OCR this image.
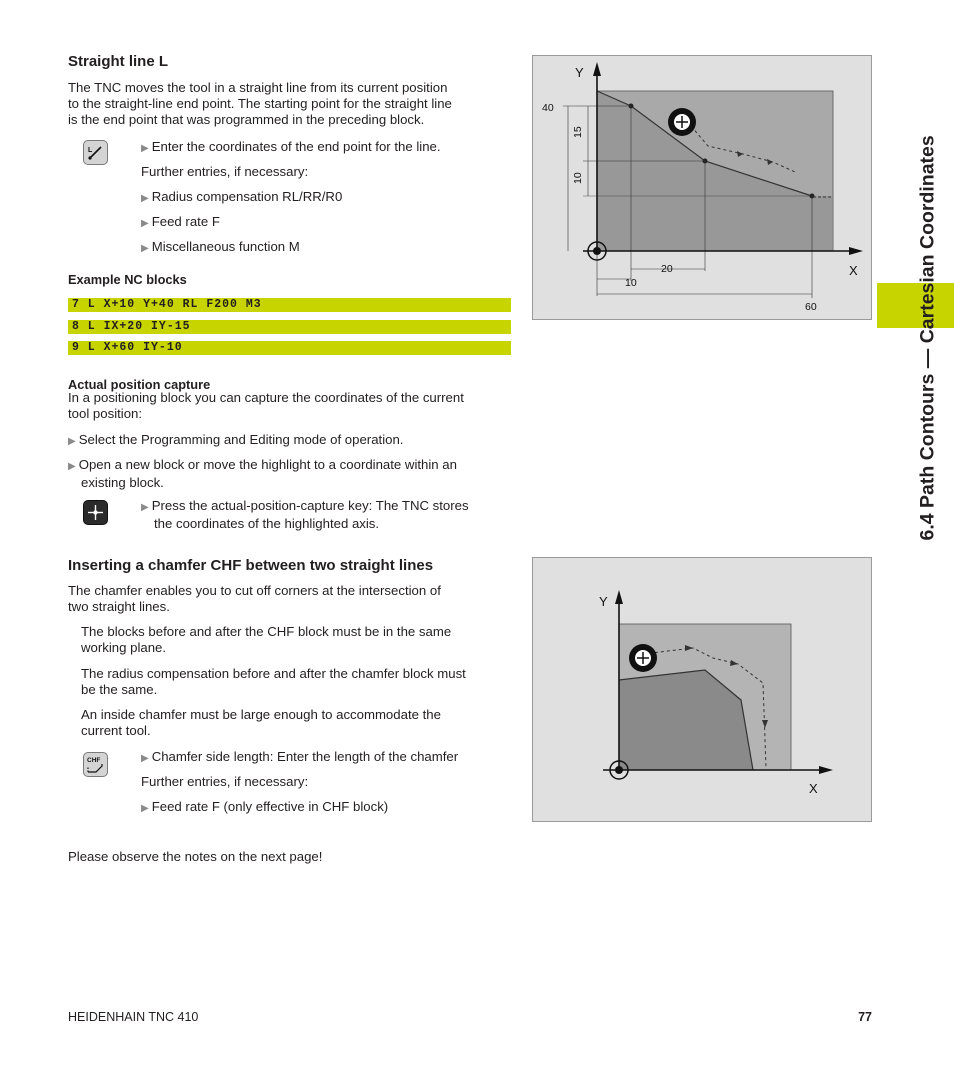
Straight line L
The TNC moves the tool in a straight line from its current position
to the straight-line end point. The starting point for the straight line
is the end point that was programmed in the preceding block.
L	▶ Enter the coordinates of the end point for the line.
Further entries, if necessary:
▶ Radius compensation RL/RR/R0
▶ Feed rate F
▶ Miscellaneous function M
Example NC blocks
7 L X+10 Y+40 RL F200 M3
8 L IX+20 IY-15
9 L X+60 IY-10
Actual position capture
In a positioning block you can capture the coordinates of the current
tool position:
▶ Select the Programming and Editing mode of operation.
▶ Open a new block or move the highlight to a coordinate within an
existing block.
▶ Press the actual-position-capture key: The TNC stores
the coordinates of the highlighted axis.
Inserting a chamfer CHF between two straight lines
The chamfer enables you to cut off corners at the intersection of
two straight lines.
The blocks before and after the CHF block must be in the same
working plane.
The radius compensation before and after the chamfer block must
be the same.
An inside chamfer must be large enough to accommodate the
current tool.
CHF	▶ Chamfer side length: Enter the length of the chamfer
Further entries, if necessary:
▶ Feed rate F (only effective in CHF block)
Please observe the notes on the next page!
Y
X
40
15
10
20
10
60
Y
X
6.4 Path Contours — Cartesian Coordinates
HEIDENHAIN TNC 410	77
